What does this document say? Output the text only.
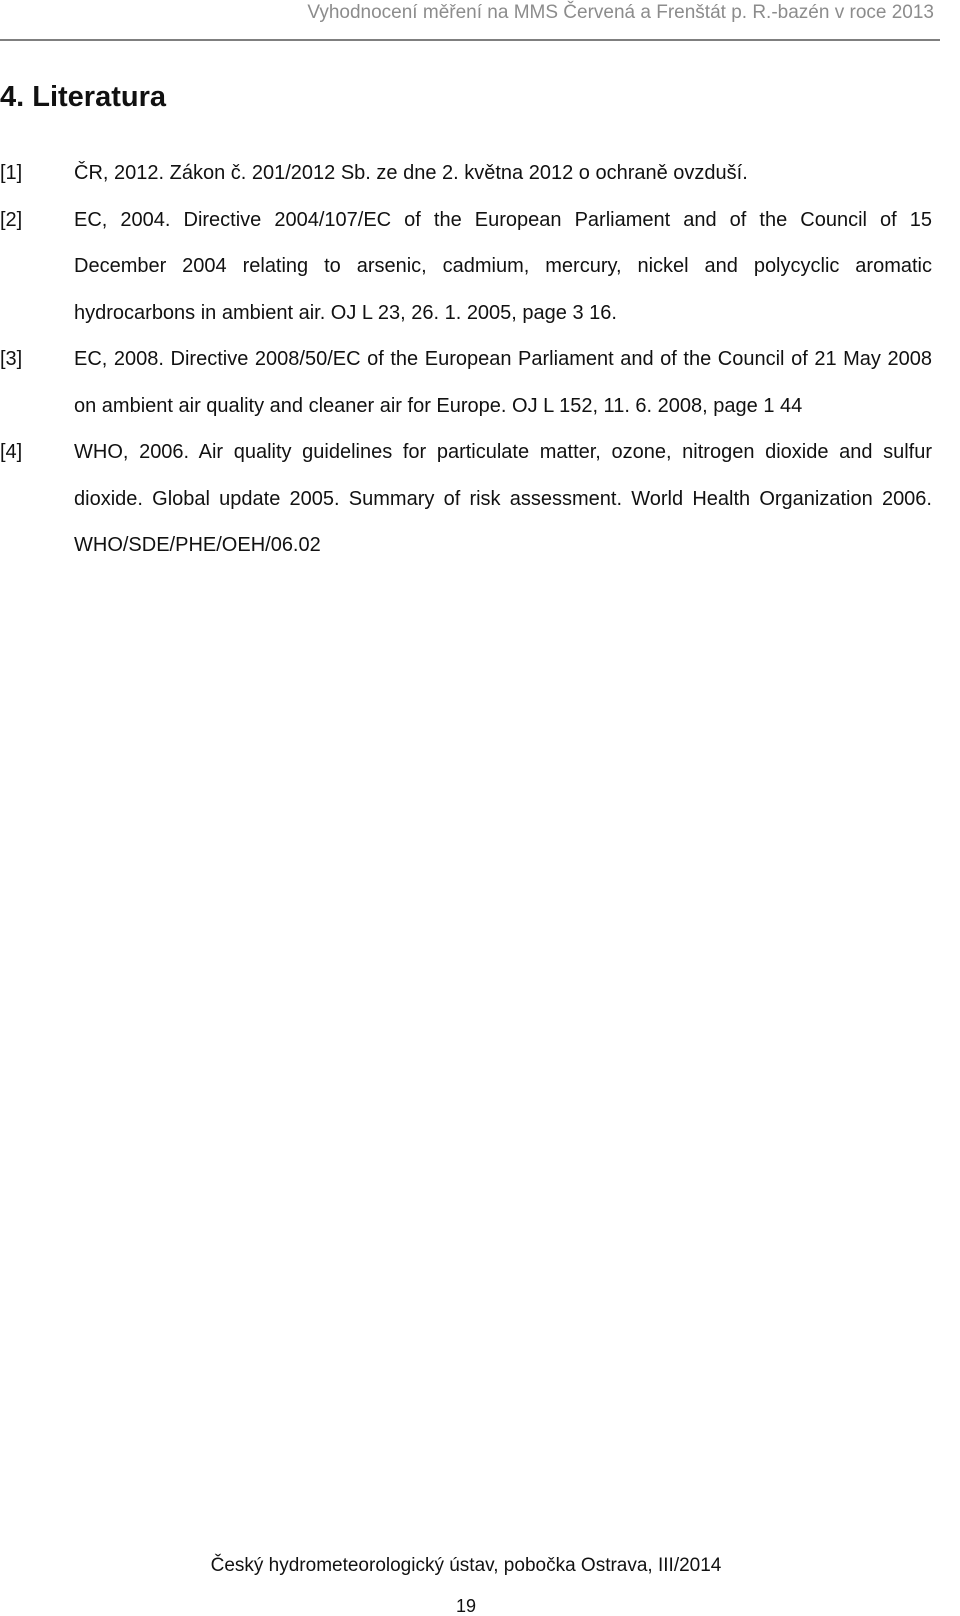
Vyhodnocení měření na MMS Červená a Frenštát p. R.-bazén v roce 2013
4. Literatura
[1]	ČR, 2012. Zákon č. 201/2012 Sb. ze dne 2. května 2012 o ochraně ovzduší.
[2]	EC, 2004. Directive 2004/107/EC of the European Parliament and of the Council of 15 December 2004 relating to arsenic, cadmium, mercury, nickel and polycyclic aromatic hydrocarbons in ambient air. OJ L 23, 26. 1. 2005, page 3 16.
[3]	EC, 2008. Directive 2008/50/EC of the European Parliament and of the Council of 21 May 2008 on ambient air quality and cleaner air for Europe. OJ L 152, 11. 6. 2008, page 1 44
[4]	WHO, 2006. Air quality guidelines for particulate matter, ozone, nitrogen dioxide and sulfur dioxide. Global update 2005. Summary of risk assessment. World Health Organization 2006. WHO/SDE/PHE/OEH/06.02
Český hydrometeorologický ústav, pobočka Ostrava, III/2014
19
